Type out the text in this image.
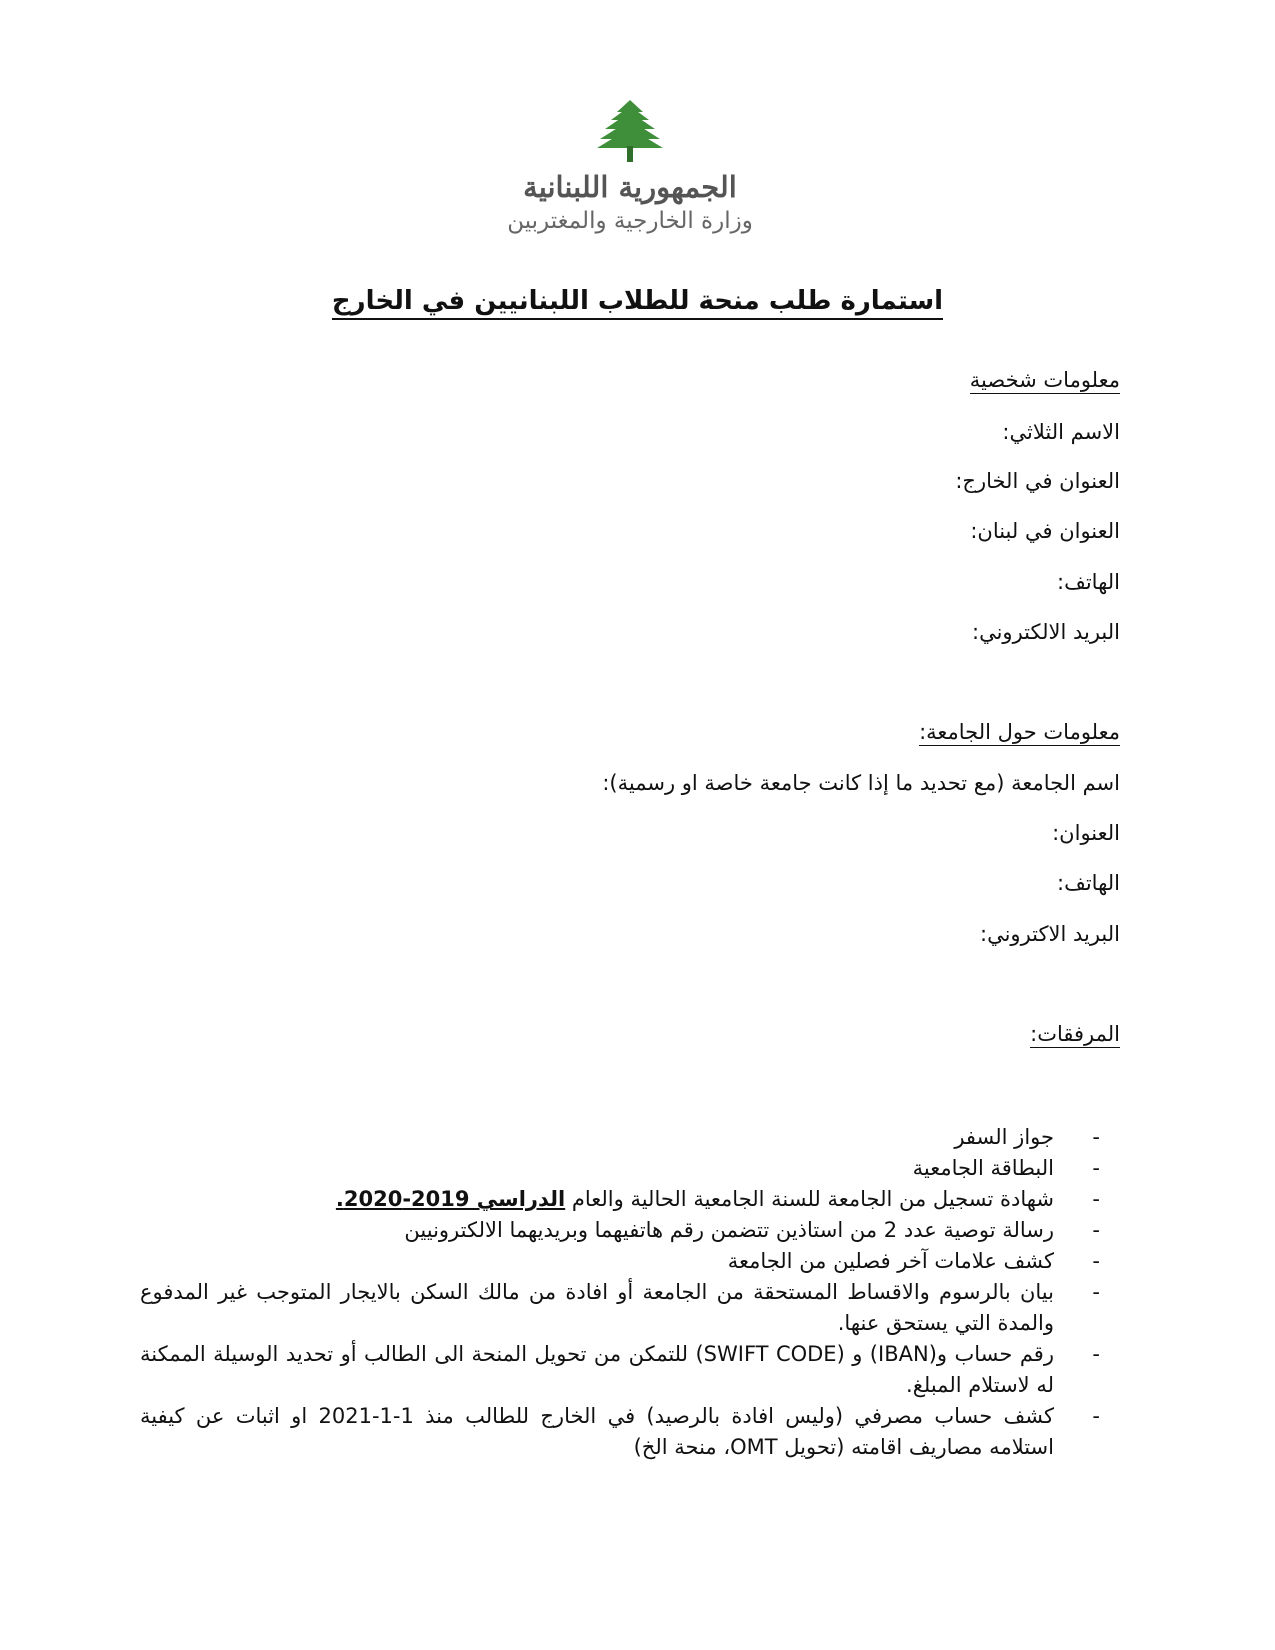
الجمهورية اللبنانية
وزارة الخارجية والمغتربين
استمارة طلب منحة للطلاب اللبنانيين في الخارج
معلومات شخصية
الاسم الثلاثي:
العنوان في الخارج:
العنوان في لبنان:
الهاتف:
البريد الالكتروني:
معلومات حول الجامعة:
اسم الجامعة (مع تحديد ما إذا كانت جامعة خاصة او رسمية):
العنوان:
الهاتف:
البريد الاكتروني:
المرفقات:
-
جواز السفر
-
البطاقة الجامعية
-
شهادة تسجيل من الجامعة للسنة الجامعية الحالية والعام الدراسي 2019-2020.
-
رسالة توصية عدد 2 من استاذين تتضمن رقم هاتفيهما وبريديهما الالكترونيين
-
كشف علامات آخر فصلين من الجامعة
-
بيان بالرسوم والاقساط المستحقة من الجامعة أو افادة من مالك السكن بالايجار المتوجب غير المدفوع والمدة التي يستحق عنها.
-
رقم حساب و(IBAN) و (SWIFT CODE) للتمكن من تحويل المنحة الى الطالب أو تحديد الوسيلة الممكنة له لاستلام المبلغ.
-
كشف حساب مصرفي (وليس افادة بالرصيد) في الخارج للطالب منذ 1-1-2021 او اثبات عن كيفية استلامه مصاريف اقامته (تحويل OMT، منحة الخ)
